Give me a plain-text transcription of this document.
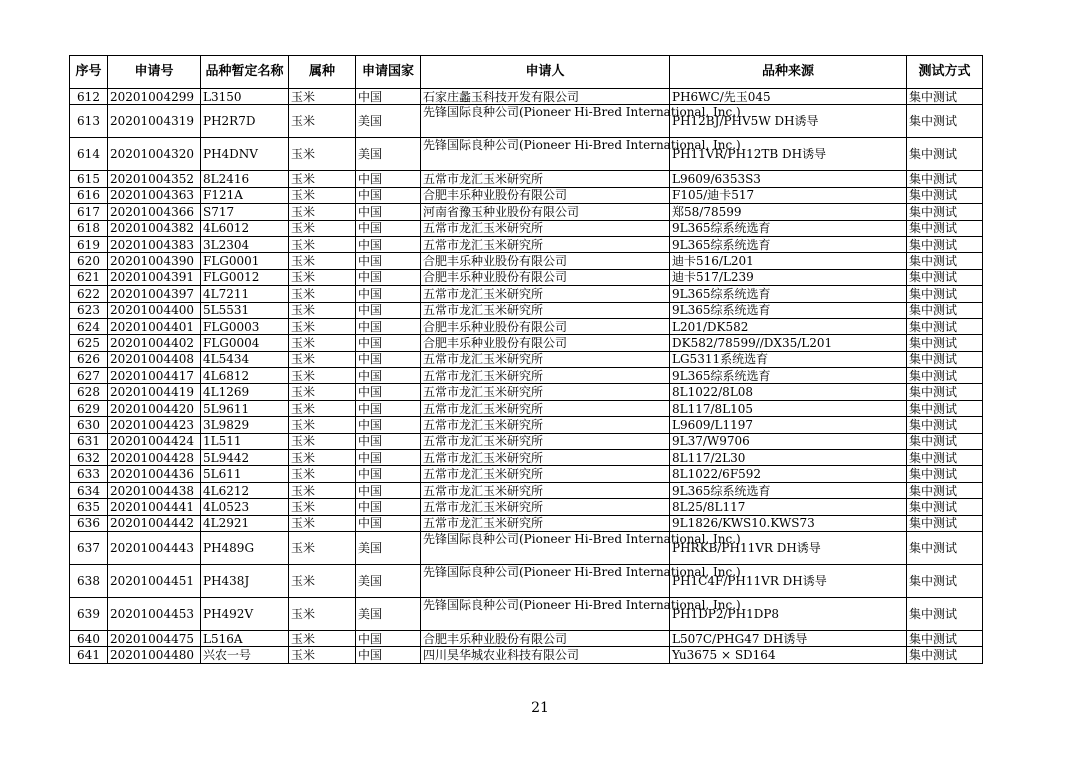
序号	申请号	品种暂定名称	属种	申请国家	申请人	品种来源	测试方式
612	20201004299	L3150	玉米	中国	石家庄蠡玉科技开发有限公司	PH6WC/先玉045	集中测试
613	20201004319	PH2R7D	玉米	美国	先锋国际良种公司(Pioneer Hi-Bred International, Inc.)	PH12BJ/PHV5W DH诱导	集中测试
614	20201004320	PH4DNV	玉米	美国	先锋国际良种公司(Pioneer Hi-Bred International, Inc.)	PH11VR/PH12TB DH诱导	集中测试
615	20201004352	8L2416	玉米	中国	五常市龙汇玉米研究所	L9609/6353S3	集中测试
616	20201004363	F121A	玉米	中国	合肥丰乐种业股份有限公司	F105/迪卡517	集中测试
617	20201004366	S717	玉米	中国	河南省豫玉种业股份有限公司	郑58/78599	集中测试
618	20201004382	4L6012	玉米	中国	五常市龙汇玉米研究所	9L365综系统选育	集中测试
619	20201004383	3L2304	玉米	中国	五常市龙汇玉米研究所	9L365综系统选育	集中测试
620	20201004390	FLG0001	玉米	中国	合肥丰乐种业股份有限公司	迪卡516/L201	集中测试
621	20201004391	FLG0012	玉米	中国	合肥丰乐种业股份有限公司	迪卡517/L239	集中测试
622	20201004397	4L7211	玉米	中国	五常市龙汇玉米研究所	9L365综系统选育	集中测试
623	20201004400	5L5531	玉米	中国	五常市龙汇玉米研究所	9L365综系统选育	集中测试
624	20201004401	FLG0003	玉米	中国	合肥丰乐种业股份有限公司	L201/DK582	集中测试
625	20201004402	FLG0004	玉米	中国	合肥丰乐种业股份有限公司	DK582/78599//DX35/L201	集中测试
626	20201004408	4L5434	玉米	中国	五常市龙汇玉米研究所	LG5311系统选育	集中测试
627	20201004417	4L6812	玉米	中国	五常市龙汇玉米研究所	9L365综系统选育	集中测试
628	20201004419	4L1269	玉米	中国	五常市龙汇玉米研究所	8L1022/8L08	集中测试
629	20201004420	5L9611	玉米	中国	五常市龙汇玉米研究所	8L117/8L105	集中测试
630	20201004423	3L9829	玉米	中国	五常市龙汇玉米研究所	L9609/L1197	集中测试
631	20201004424	1L511	玉米	中国	五常市龙汇玉米研究所	9L37/W9706	集中测试
632	20201004428	5L9442	玉米	中国	五常市龙汇玉米研究所	8L117/2L30	集中测试
633	20201004436	5L611	玉米	中国	五常市龙汇玉米研究所	8L1022/6F592	集中测试
634	20201004438	4L6212	玉米	中国	五常市龙汇玉米研究所	9L365综系统选育	集中测试
635	20201004441	4L0523	玉米	中国	五常市龙汇玉米研究所	8L25/8L117	集中测试
636	20201004442	4L2921	玉米	中国	五常市龙汇玉米研究所	9L1826/KWS10.KWS73	集中测试
637	20201004443	PH489G	玉米	美国	先锋国际良种公司(Pioneer Hi-Bred International, Inc.)	PHRKB/PH11VR DH诱导	集中测试
638	20201004451	PH438J	玉米	美国	先锋国际良种公司(Pioneer Hi-Bred International, Inc.)	PH1C4F/PH11VR DH诱导	集中测试
639	20201004453	PH492V	玉米	美国	先锋国际良种公司(Pioneer Hi-Bred International, Inc.)	PH1DP2/PH1DP8	集中测试
640	20201004475	L516A	玉米	中国	合肥丰乐种业股份有限公司	L507C/PHG47 DH诱导	集中测试
641	20201004480	兴农一号	玉米	中国	四川昊华城农业科技有限公司	Yu3675 × SD164	集中测试
21
